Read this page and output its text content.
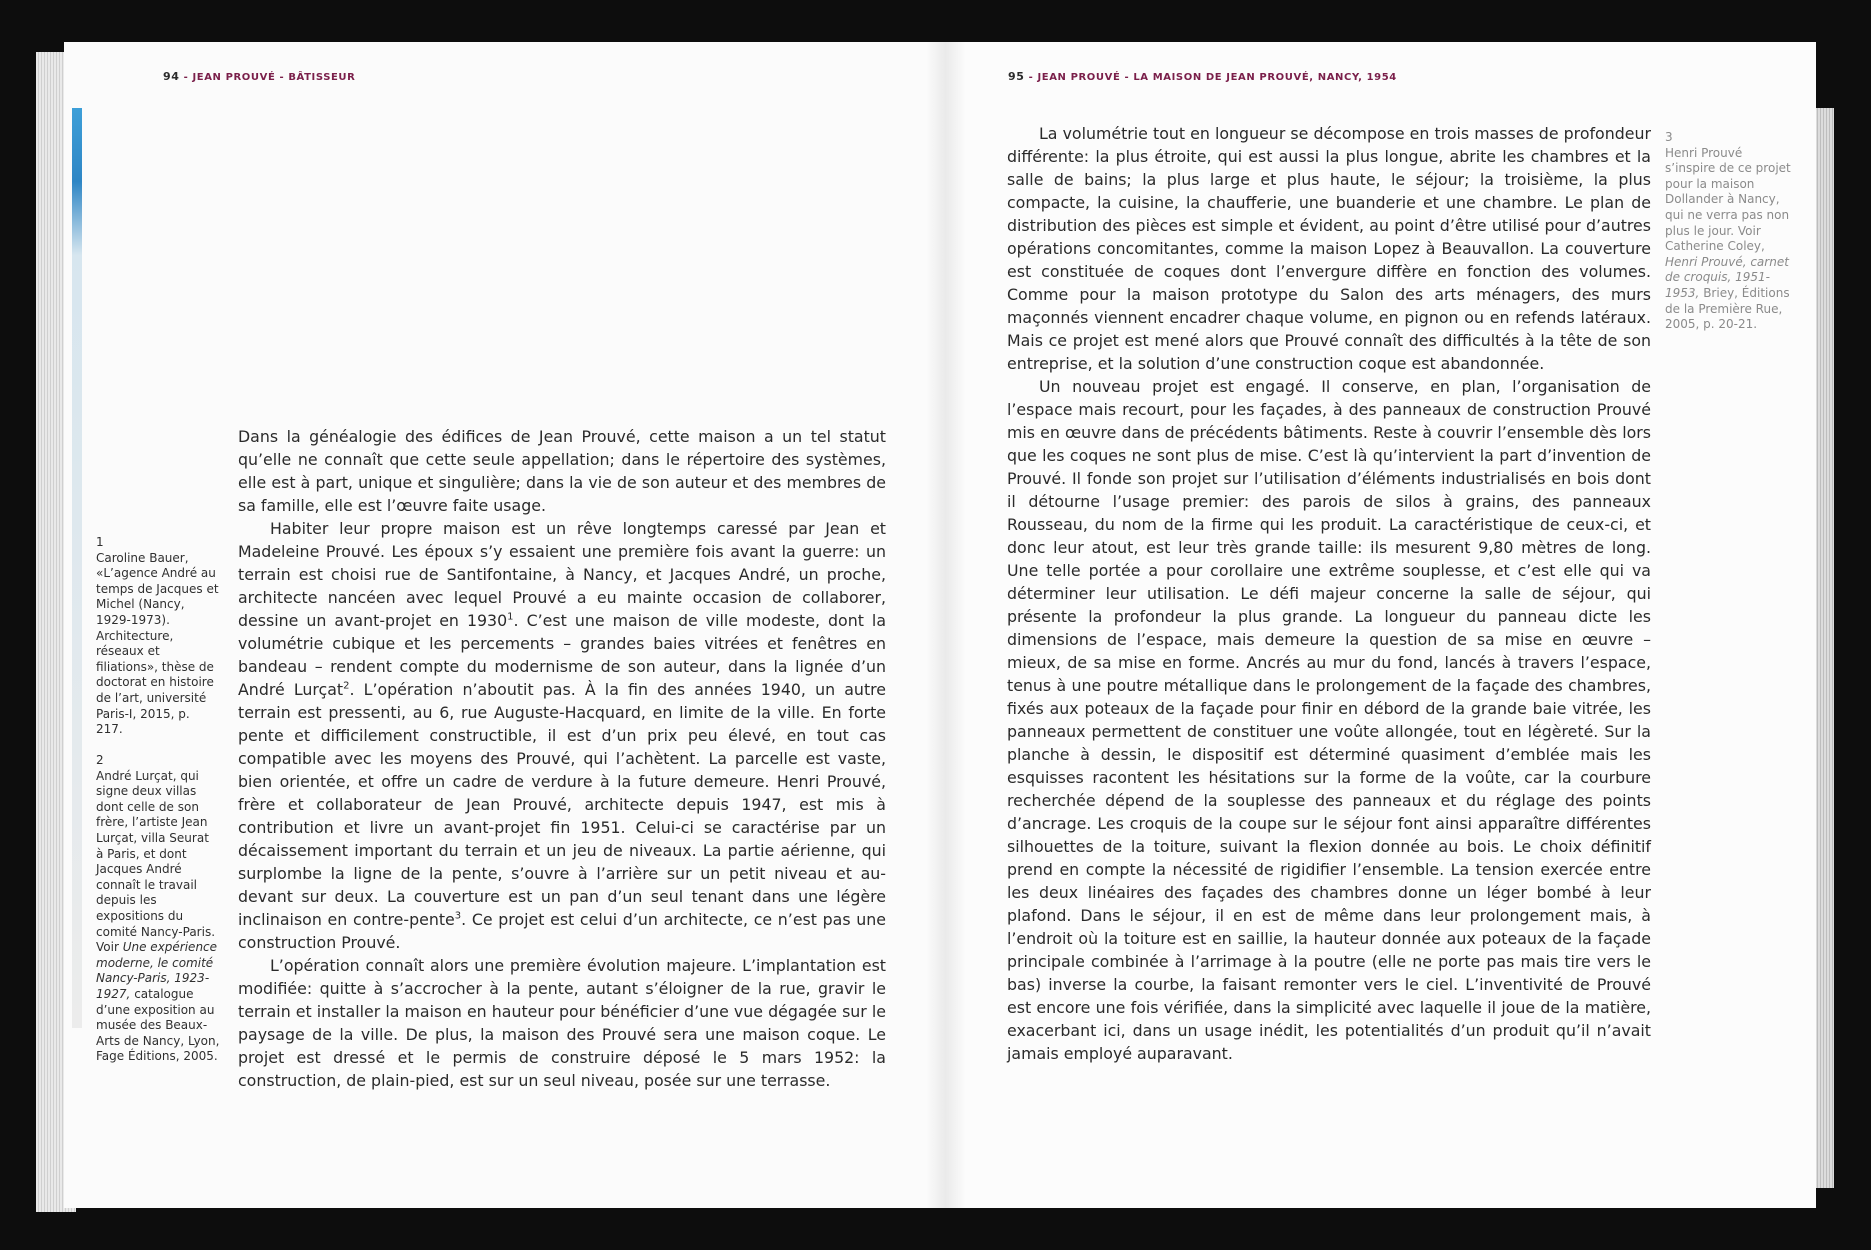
94 - JEAN PROUVÉ - BÂTISSEUR	95 - JEAN PROUVÉ - LA MAISON DE JEAN PROUVÉ, NANCY, 1954

Dans la généalogie des édifices de Jean Prouvé, cette maison a un tel statut qu’elle ne connaît que cette seule appellation; dans le répertoire des systèmes, elle est à part, unique et singulière; dans la vie de son auteur et des membres de sa famille, elle est l’œuvre faite usage.

Habiter leur propre maison est un rêve longtemps caressé par Jean et Madeleine Prouvé. Les époux s’y essaient une première fois avant la guerre: un terrain est choisi rue de Santifontaine, à Nancy, et Jacques André, un proche, architecte nancéen avec lequel Prouvé a eu mainte occasion de collaborer, dessine un avant-projet en 1930$^1$. C’est une maison de ville modeste, dont la volumétrie cubique et les percements – grandes baies vitrées et fenêtres en bandeau – rendent compte du modernisme de son auteur, dans la lignée d’un André Lurçat$^2$. L’opération n’aboutit pas. À la fin des années 1940, un autre terrain est pressenti, au 6, rue Auguste-Hacquard, en limite de la ville. En forte pente et difficilement constructible, il est d’un prix peu élevé, en tout cas compatible avec les moyens des Prouvé, qui l’achètent. La parcelle est vaste, bien orientée, et offre un cadre de verdure à la future demeure. Henri Prouvé, frère et collaborateur de Jean Prouvé, architecte depuis 1947, est mis à contribution et livre un avant-projet fin 1951. Celui-ci se caractérise par un décaissement important du terrain et un jeu de niveaux. La partie aérienne, qui surplombe la ligne de la pente, s’ouvre à l’arrière sur un petit niveau et au-devant sur deux. La couverture est un pan d’un seul tenant dans une légère inclinaison en contre-pente$^3$. Ce projet est celui d’un architecte, ce n’est pas une construction Prouvé.

L’opération connaît alors une première évolution majeure. L’implantation est modifiée: quitte à s’accrocher à la pente, autant s’éloigner de la rue, gravir le terrain et installer la maison en hauteur pour bénéficier d’une vue dégagée sur le paysage de la ville. De plus, la maison des Prouvé sera une maison coque. Le projet est dressé et le permis de construire déposé le 5 mars 1952: la construction, de plain-pied, est sur un seul niveau, posée sur une terrasse.

1
Caroline Bauer, «L’agence André au temps de Jacques et Michel (Nancy, 1929-1973). Architecture, réseaux et filiations», thèse de doctorat en histoire de l’art, université Paris-I, 2015, p. 217.
2
André Lurçat, qui signe deux villas dont celle de son frère, l’artiste Jean Lurçat, villa Seurat à Paris, et dont Jacques André connaît le travail depuis les expositions du comité Nancy-Paris. Voir Une expérience moderne, le comité Nancy-Paris, 1923-1927, catalogue d’une exposition au musée des Beaux-Arts de Nancy, Lyon, Fage Éditions, 2005.

La volumétrie tout en longueur se décompose en trois masses de profondeur différente: la plus étroite, qui est aussi la plus longue, abrite les chambres et la salle de bains; la plus large et plus haute, le séjour; la troisième, la plus compacte, la cuisine, la chaufferie, une buanderie et une chambre. Le plan de distribution des pièces est simple et évident, au point d’être utilisé pour d’autres opérations concomitantes, comme la maison Lopez à Beauvallon. La couverture est constituée de coques dont l’envergure diffère en fonction des volumes. Comme pour la maison prototype du Salon des arts ménagers, des murs maçonnés viennent encadrer chaque volume, en pignon ou en refends latéraux. Mais ce projet est mené alors que Prouvé connaît des difficultés à la tête de son entreprise, et la solution d’une construction coque est abandonnée.

Un nouveau projet est engagé. Il conserve, en plan, l’organisation de l’espace mais recourt, pour les façades, à des panneaux de construction Prouvé mis en œuvre dans de précédents bâtiments. Reste à couvrir l’ensemble dès lors que les coques ne sont plus de mise. C’est là qu’intervient la part d’invention de Prouvé. Il fonde son projet sur l’utilisation d’éléments industrialisés en bois dont il détourne l’usage premier: des parois de silos à grains, des panneaux Rousseau, du nom de la firme qui les produit. La caractéristique de ceux-ci, et donc leur atout, est leur très grande taille: ils mesurent 9,80 mètres de long. Une telle portée a pour corollaire une extrême souplesse, et c’est elle qui va déterminer leur utilisation. Le défi majeur concerne la salle de séjour, qui présente la profondeur la plus grande. La longueur du panneau dicte les dimensions de l’espace, mais demeure la question de sa mise en œuvre – mieux, de sa mise en forme. Ancrés au mur du fond, lancés à travers l’espace, tenus à une poutre métallique dans le prolongement de la façade des chambres, fixés aux poteaux de la façade pour finir en débord de la grande baie vitrée, les panneaux permettent de constituer une voûte allongée, tout en légèreté. Sur la planche à dessin, le dispositif est déterminé quasiment d’emblée mais les esquisses racontent les hésitations sur la forme de la voûte, car la courbure recherchée dépend de la souplesse des panneaux et du réglage des points d’ancrage. Les croquis de la coupe sur le séjour font ainsi apparaître différentes silhouettes de la toiture, suivant la flexion donnée au bois. Le choix définitif prend en compte la nécessité de rigidifier l’ensemble. La tension exercée entre les deux linéaires des façades des chambres donne un léger bombé à leur plafond. Dans le séjour, il en est de même dans leur prolongement mais, à l’endroit où la toiture est en saillie, la hauteur donnée aux poteaux de la façade principale combinée à l’arrimage à la poutre (elle ne porte pas mais tire vers le bas) inverse la courbe, la faisant remonter vers le ciel. L’inventivité de Prouvé est encore une fois vérifiée, dans la simplicité avec laquelle il joue de la matière, exacerbant ici, dans un usage inédit, les potentialités d’un produit qu’il n’avait jamais employé auparavant.

3
Henri Prouvé s’inspire de ce projet pour la maison Dollander à Nancy, qui ne verra pas non plus le jour. Voir Catherine Coley, Henri Prouvé, carnet de croquis, 1951-1953, Briey, Éditions de la Première Rue, 2005, p. 20-21.
